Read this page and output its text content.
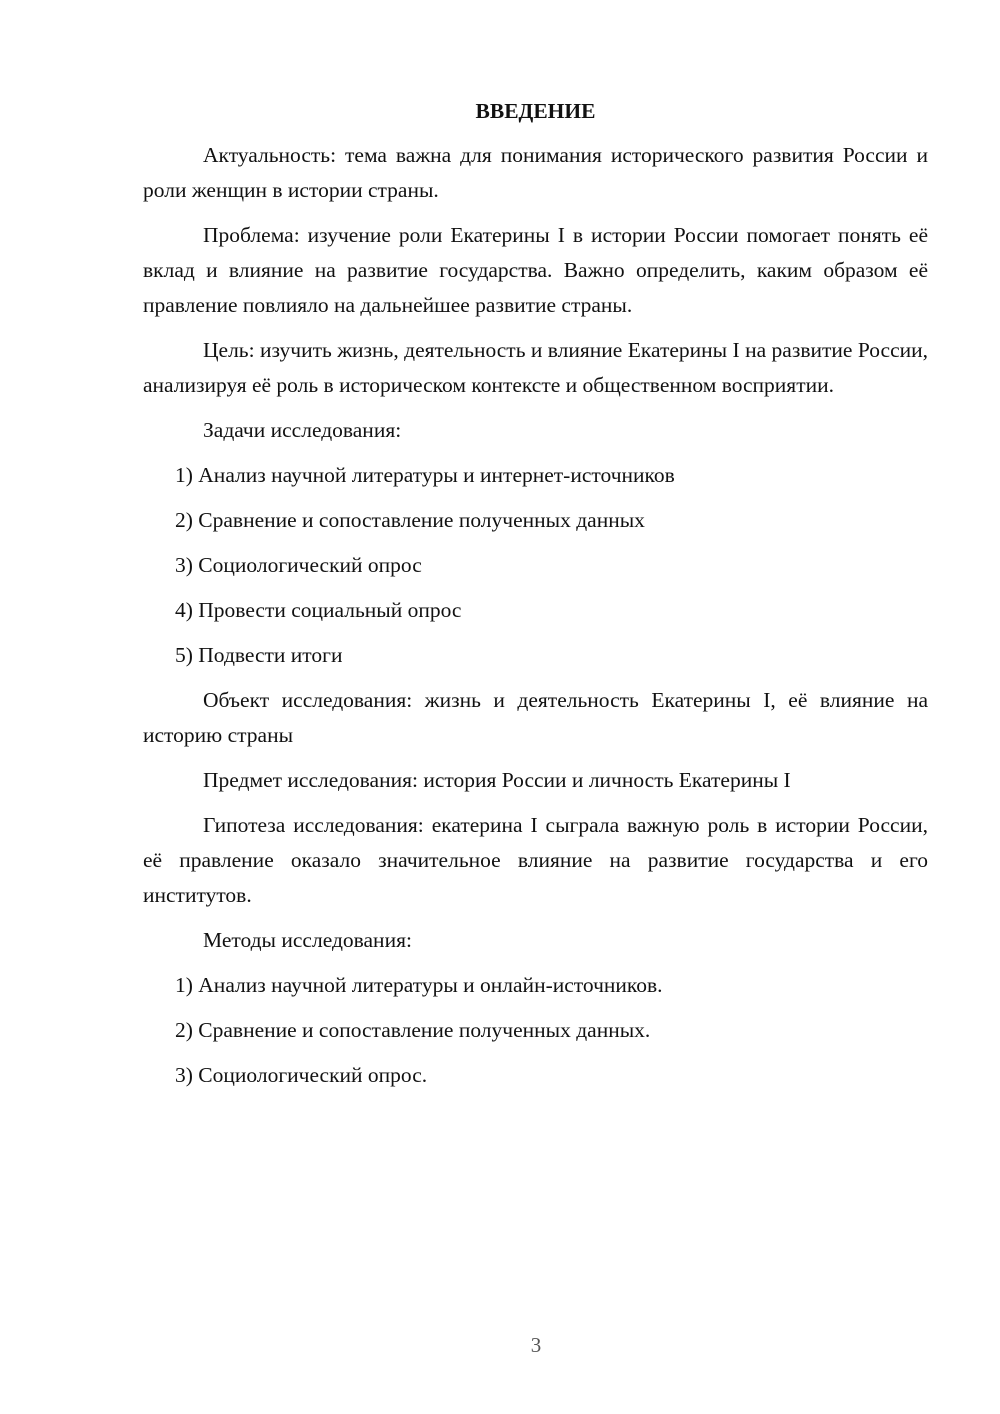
ВВЕДЕНИЕ

Актуальность: тема важна для понимания исторического развития России и роли женщин в истории страны.

Проблема: изучение роли Екатерины I в истории России помогает понять её вклад и влияние на развитие государства. Важно определить, каким образом её правление повлияло на дальнейшее развитие страны.

Цель: изучить жизнь, деятельность и влияние Екатерины I на развитие России, анализируя её роль в историческом контексте и общественном восприятии.

Задачи исследования:

1) Анализ научной литературы и интернет-источников
2) Сравнение и сопоставление полученных данных
3) Социологический опрос
4) Провести социальный опрос
5) Подвести итоги

Объект исследования: жизнь и деятельность Екатерины I, её влияние на историю страны

Предмет исследования: история России и личность Екатерины I

Гипотеза исследования: екатерина I сыграла важную роль в истории России, её правление оказало значительное влияние на развитие государства и его институтов.

Методы исследования:

1) Анализ научной литературы и онлайн-источников.
2) Сравнение и сопоставление полученных данных.
3) Социологический опрос.
3
